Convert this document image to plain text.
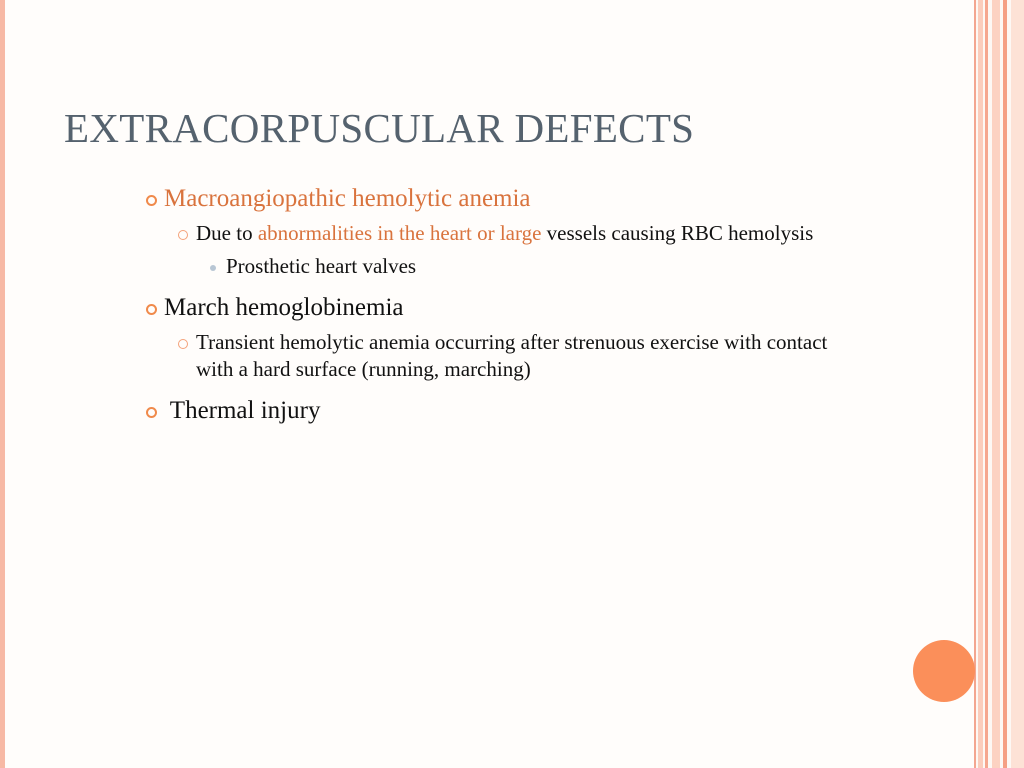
EXTRACORPUSCULAR DEFECTS
Macroangiopathic hemolytic anemia
Due to abnormalities in the heart or large vessels causing RBC hemolysis
Prosthetic heart valves
March hemoglobinemia
Transient hemolytic anemia occurring after strenuous exercise with contact with a hard surface (running, marching)
Thermal injury
